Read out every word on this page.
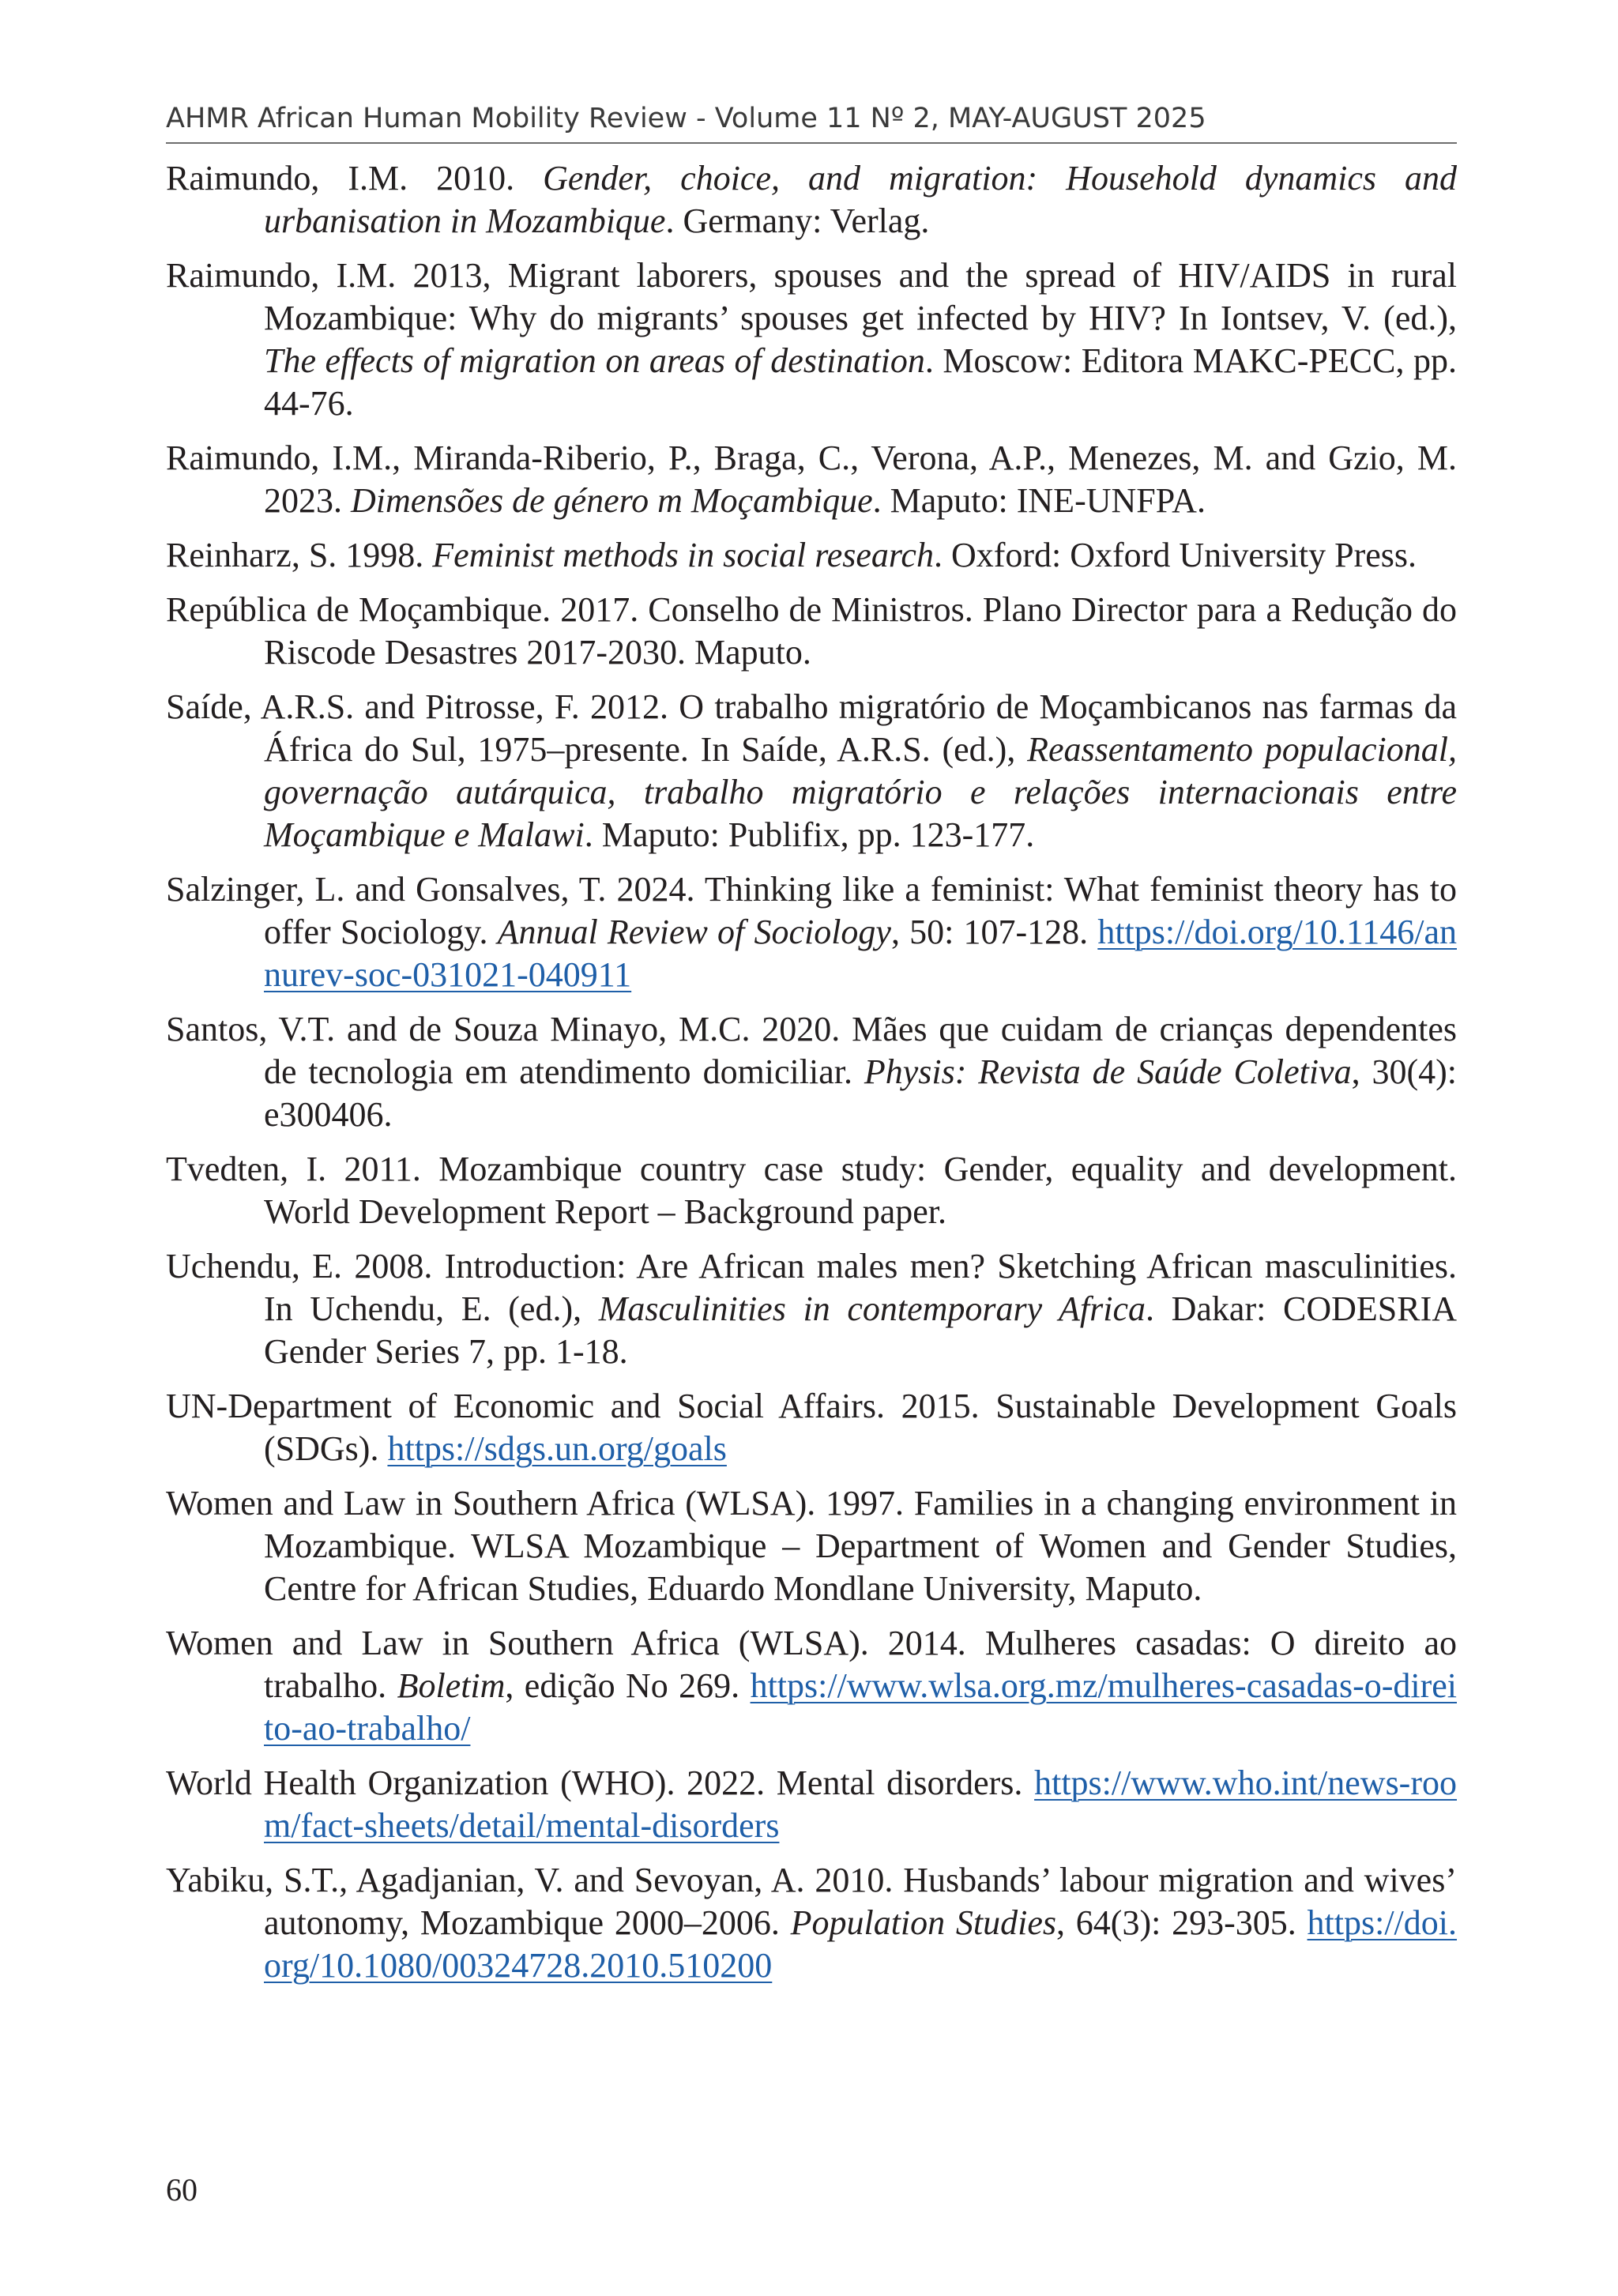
AHMR African Human Mobility Review - Volume 11 Nº 2, MAY-AUGUST 2025
Raimundo, I.M. 2010. Gender, choice, and migration: Household dynamics and urbanisation in Mozambique. Germany: Verlag.
Raimundo, I.M. 2013, Migrant laborers, spouses and the spread of HIV/AIDS in rural Mozambique: Why do migrants’ spouses get infected by HIV? In Iontsev, V. (ed.), The effects of migration on areas of destination. Moscow: Editora MAKC-PECC, pp. 44-76.
Raimundo, I.M., Miranda-Riberio, P., Braga, C., Verona, A.P., Menezes, M. and Gzio, M. 2023. Dimensões de género m Moçambique. Maputo: INE-UNFPA.
Reinharz, S. 1998. Feminist methods in social research. Oxford: Oxford University Press.
República de Moçambique. 2017. Conselho de Ministros. Plano Director para a Redução do Riscode Desastres 2017-2030. Maputo.
Saíde, A.R.S. and Pitrosse, F. 2012. O trabalho migratório de Moçambicanos nas farmas da África do Sul, 1975–presente. In Saíde, A.R.S. (ed.), Reassentamento populacional, governação autárquica, trabalho migratório e relações internacionais entre Moçambique e Malawi. Maputo: Publifix, pp. 123-177.
Salzinger, L. and Gonsalves, T. 2024. Thinking like a feminist: What feminist theory has to offer Sociology. Annual Review of Sociology, 50: 107-128. https://doi.org/10.1146/annurev-soc-031021-040911
Santos, V.T. and de Souza Minayo, M.C. 2020. Mães que cuidam de crianças dependentes de tecnologia em atendimento domiciliar. Physis: Revista de Saúde Coletiva, 30(4): e300406.
Tvedten, I. 2011. Mozambique country case study: Gender, equality and development. World Development Report – Background paper.
Uchendu, E. 2008. Introduction: Are African males men? Sketching African masculinities. In Uchendu, E. (ed.), Masculinities in contemporary Africa. Dakar: CODESRIA Gender Series 7, pp. 1-18.
UN-Department of Economic and Social Affairs. 2015. Sustainable Development Goals (SDGs). https://sdgs.un.org/goals
Women and Law in Southern Africa (WLSA). 1997. Families in a changing environment in Mozambique. WLSA Mozambique – Department of Women and Gender Studies, Centre for African Studies, Eduardo Mondlane University, Maputo.
Women and Law in Southern Africa (WLSA). 2014. Mulheres casadas: O direito ao trabalho. Boletim, edição No 269. https://www.wlsa.org.mz/mulheres-casadas-o-direito-ao-trabalho/
World Health Organization (WHO). 2022. Mental disorders. https://www.who.int/news-room/fact-sheets/detail/mental-disorders
Yabiku, S.T., Agadjanian, V. and Sevoyan, A. 2010. Husbands’ labour migration and wives’ autonomy, Mozambique 2000–2006. Population Studies, 64(3): 293-305. https://doi.org/10.1080/00324728.2010.510200
60
